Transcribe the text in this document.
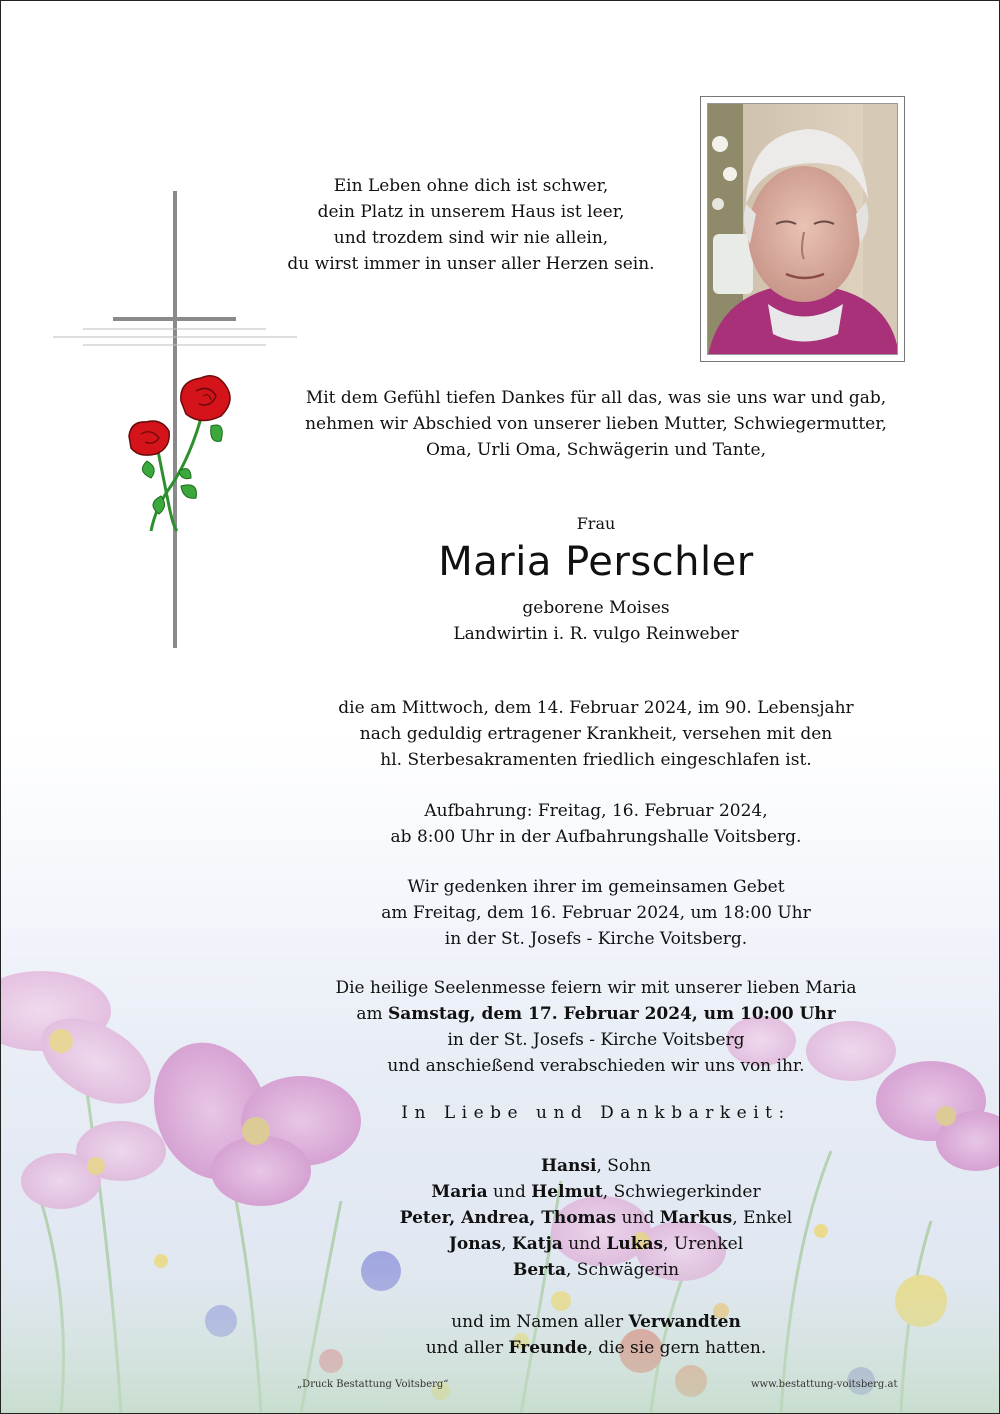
Ein Leben ohne dich ist schwer,
dein Platz in unserem Haus ist leer,
und trozdem sind wir nie allein,
du wirst immer in unser aller Herzen sein.
Mit dem Gefühl tiefen Dankes für all das, was sie uns war und gab,
nehmen wir Abschied von unserer lieben Mutter, Schwiegermutter,
Oma, Urli Oma, Schwägerin und Tante,
Frau
Maria Perschler
geborene Moises
Landwirtin i. R. vulgo Reinweber
die am Mittwoch, dem 14. Februar 2024, im 90. Lebensjahr
nach geduldig ertragener Krankheit, versehen mit den
hl. Sterbesakramenten friedlich eingeschlafen ist.
Aufbahrung: Freitag, 16. Februar 2024,
ab 8:00 Uhr in der Aufbahrungshalle Voitsberg.
Wir gedenken ihrer im gemeinsamen Gebet
am Freitag, dem 16. Februar 2024, um 18:00 Uhr
in der St. Josefs - Kirche Voitsberg.
Die heilige Seelenmesse feiern wir mit unserer lieben Maria
am Samstag, dem 17. Februar 2024, um 10:00 Uhr
in der St. Josefs - Kirche Voitsberg
und anschießend verabschieden wir uns von ihr.
In Liebe und Dankbarkeit:
Hansi, Sohn
Maria und Helmut, Schwiegerkinder
Peter, Andrea, Thomas und Markus, Enkel
Jonas, Katja und Lukas, Urenkel
Berta, Schwägerin
und im Namen aller Verwandten
und aller Freunde, die sie gern hatten.
„Druck Bestattung Voitsberg“	www.bestattung-voitsberg.at
